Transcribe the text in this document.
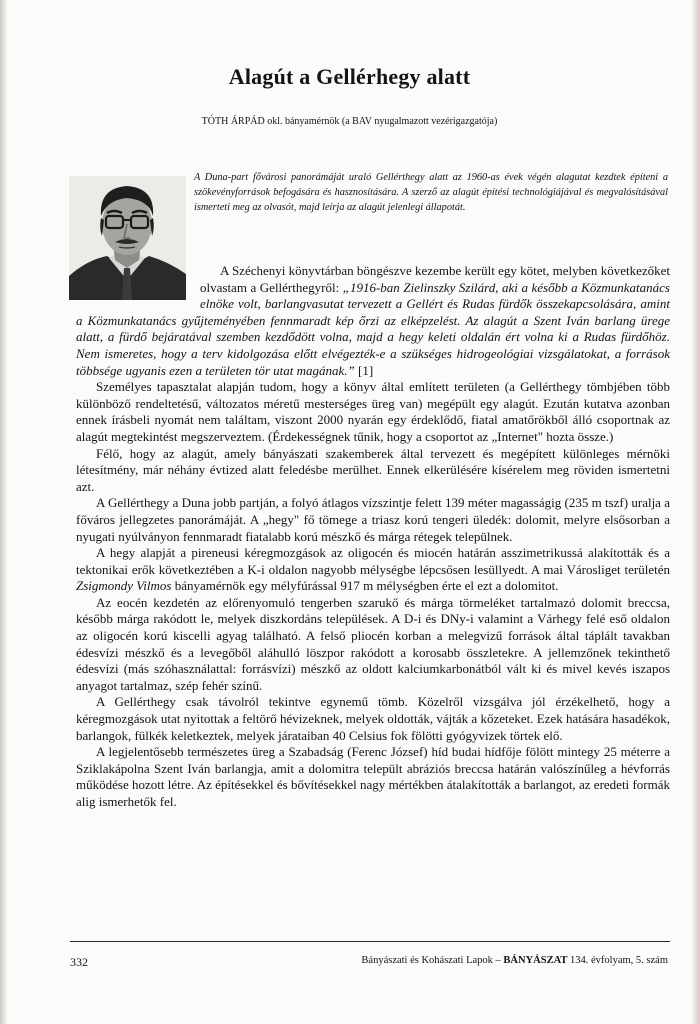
Alagút a Gellérhegy alatt
TÓTH ÁRPÁD okl. bányamérnök (a BAV nyugalmazott vezérigazgatója)
A Duna-part fővárosi panorámáját uraló Gellérthegy alatt az 1960-as évek végén alagutat kezdtek építeni a szökevényforrások befogására és hasznosítására. A szerző az alagút építési technológiájával és megvalósításával ismerteti meg az olvasót, majd leírja az alagút jelenlegi állapotát.

A Széchenyi könyvtárban böngészve kezembe került egy kötet, melyben következőket olvastam a Gellérthegyről: „1916-ban Zielinszky Szilárd, aki a később a Közmunkatanács elnöke volt, barlangvasutat tervezett a Gellért és Rudas fürdők összekapcsolására, amint a Közmunkatanács gyűjteményében fennmaradt kép őrzi az elképzelést. Az alagút a Szent Iván barlang ürege alatt, a fürdő bejáratával szemben kezdődött volna, majd a hegy keleti oldalán ért volna ki a Rudas fürdőhöz. Nem ismeretes, hogy a terv kidolgozása előtt elvégezték-e a szükséges hidrogeológiai vizsgálatokat, a források többsége ugyanis ezen a területen tör utat magának.” [1]

Személyes tapasztalat alapján tudom, hogy a könyv által említett területen (a Gellérthegy tömbjében több különböző rendeltetésű, változatos méretű mesterséges üreg van) megépült egy alagút. Ezután kutatva azonban ennek írásbeli nyomát nem találtam, viszont 2000 nyarán egy érdeklődő, fiatal amatőrökből álló csoportnak az alagút megtekintést megszerveztem. (Érdekességnek tűnik, hogy a csoportot az „Internet" hozta össze.)

Félő, hogy az alagút, amely bányászati szakemberek által tervezett és megépített különleges mérnöki létesítmény, már néhány évtized alatt feledésbe merülhet. Ennek elkerülésére kísérelem meg röviden ismertetni azt.

A Gellérthegy a Duna jobb partján, a folyó átlagos vízszintje felett 139 méter magasságig (235 m tszf) uralja a főváros jellegzetes panorámáját. A „hegy" fő tömege a triasz korú tengeri üledék: dolomit, melyre elsősorban a nyugati nyúlványon fennmaradt fiatalabb korú mészkő és márga rétegek települnek.

A hegy alapját a pireneusi kéregmozgások az oligocén és miocén határán asszimetrikussá alakították és a tektonikai erők következtében a K-i oldalon nagyobb mélységbe lépcsősen lesüllyedt. A mai Városliget területén Zsigmondy Vilmos bányamérnök egy mélyfúrással 917 m mélységben érte el ezt a dolomitot.

Az eocén kezdetén az előrenyomuló tengerben szarukő és márga törmeléket tartalmazó dolomit breccsa, később márga rakódott le, melyek diszkordáns települések. A D-i és DNy-i valamint a Várhegy felé eső oldalon az oligocén korú kiscelli agyag található. A felső pliocén korban a melegvizű források által táplált tavakban édesvízi mészkő és a levegőből aláhulló löszpor rakódott a korosabb összletekre. A jellemzőnek tekinthető édesvízi (más szóhasználattal: forrásvízi) mészkő az oldott kalciumkarbonátból vált ki és mivel kevés iszapos anyagot tartalmaz, szép fehér színű.

A Gellérthegy csak távolról tekintve egynemű tömb. Közelről vizsgálva jól érzékelhető, hogy a kéregmozgások utat nyitottak a feltörő hévizeknek, melyek oldották, vájták a kőzeteket. Ezek hatására hasadékok, barlangok, fülkék keletkeztek, melyek járataiban 40 Celsius fok fölötti gyógyvizek törtek elő.

A legjelentősebb természetes üreg a Szabadság (Ferenc József) híd budai hídfője fölött mintegy 25 méterre a Sziklakápolna Szent Iván barlangja, amit a dolomitra települt abráziós breccsa határán valószínűleg a hévforrás működése hozott létre. Az építésekkel és bővítésekkel nagy mértékben átalakították a barlangot, az eredeti formák alig ismerhetők fel.

332	Bányászati és Kohászati Lapok – BÁNYÁSZAT 134. évfolyam, 5. szám
